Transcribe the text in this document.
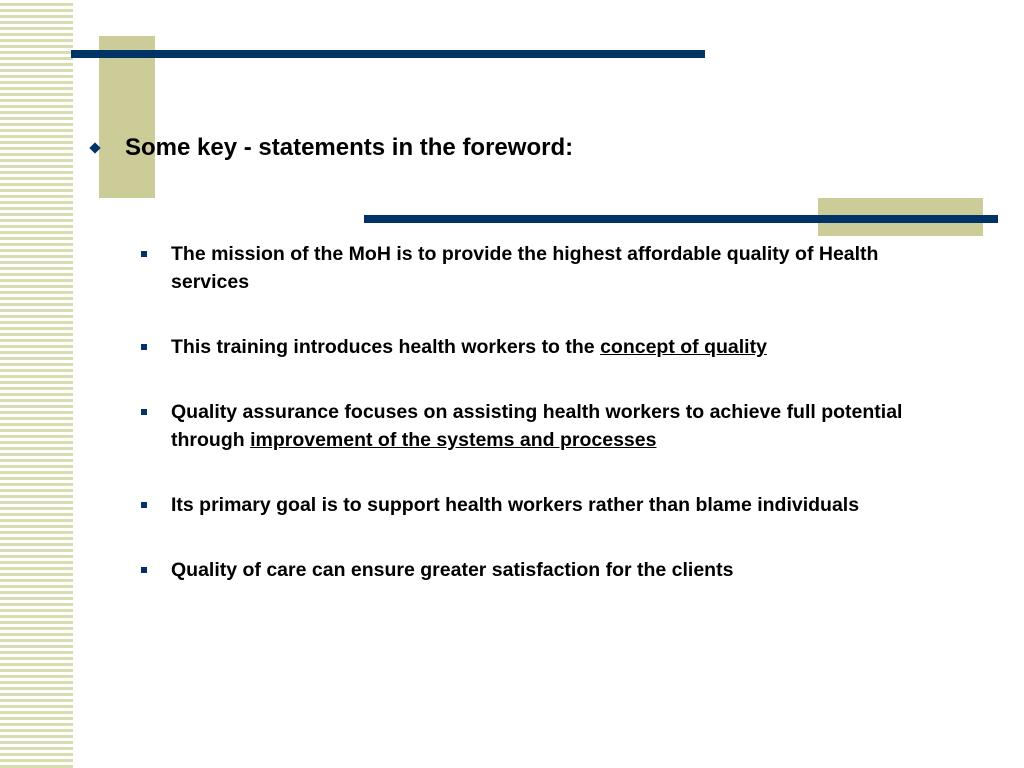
Some key - statements in the foreword:
The mission of the MoH is to provide the highest affordable quality of Health services
This training introduces health workers to the concept of quality
Quality assurance focuses on assisting health workers to achieve full potential through improvement of the systems and processes
Its primary goal is to support health workers rather than blame individuals
Quality of care can ensure greater satisfaction for the clients
